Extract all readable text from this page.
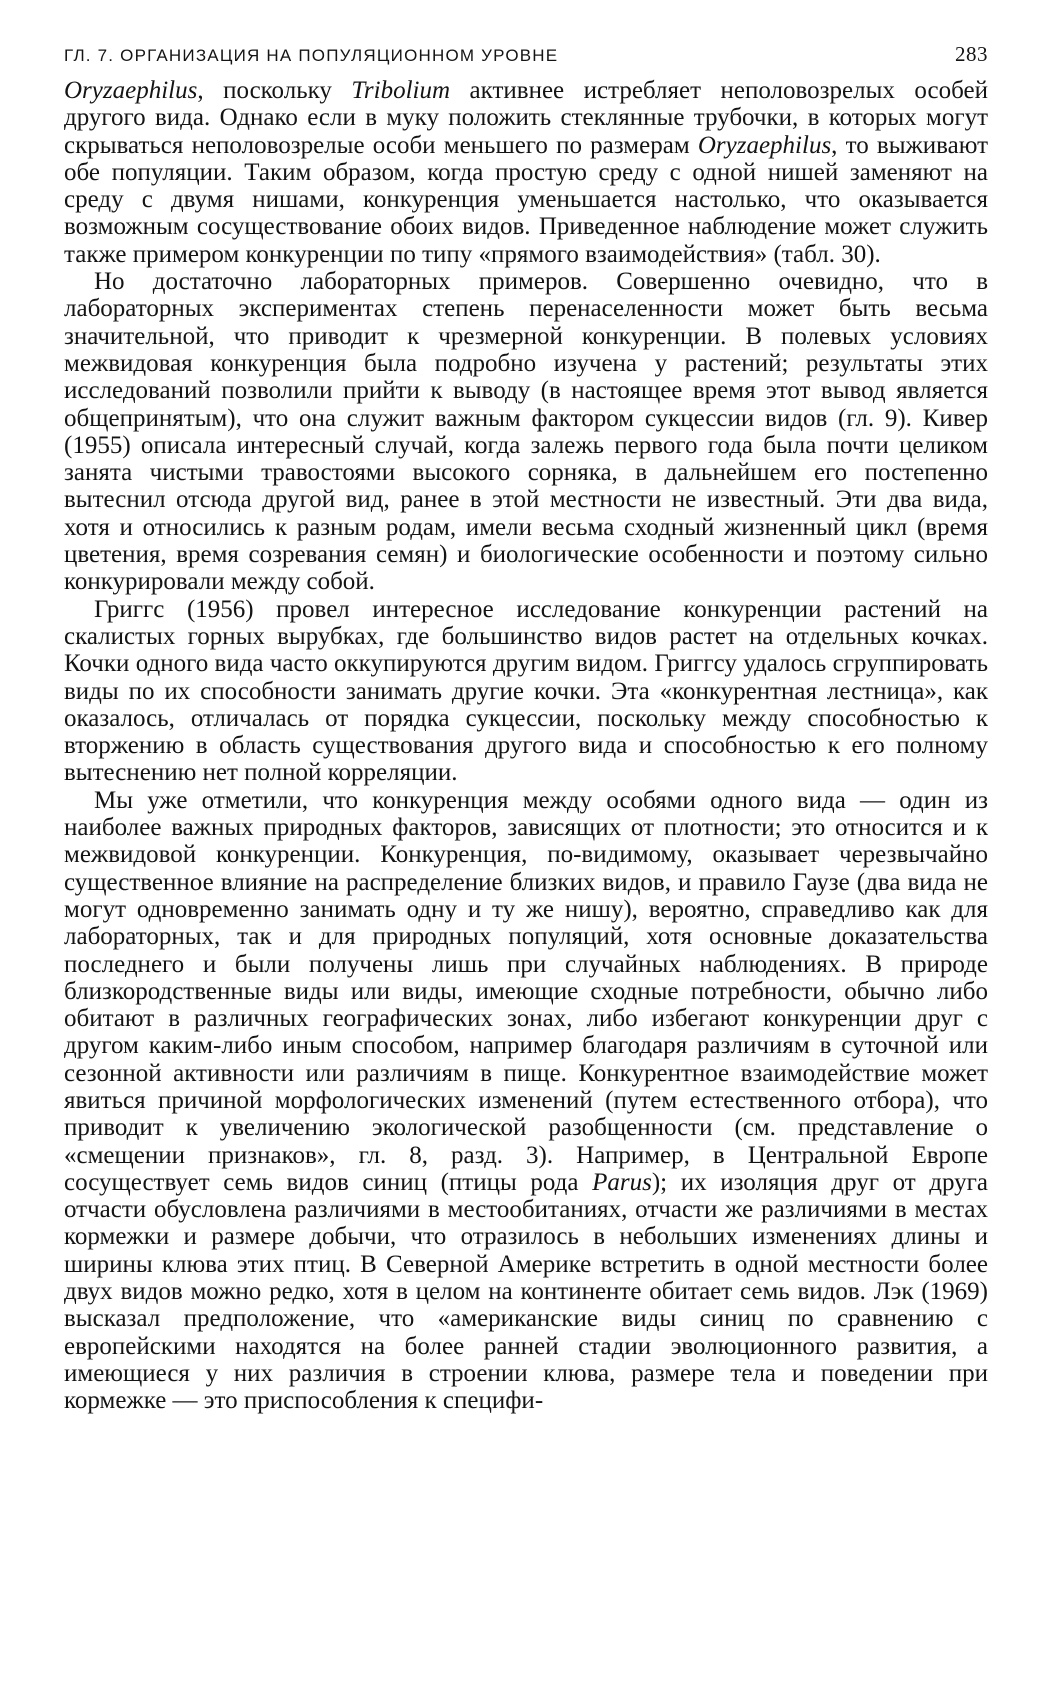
ГЛ. 7. ОРГАНИЗАЦИЯ НА ПОПУЛЯЦИОННОМ УРОВНЕ	283

Oryzaephilus, поскольку Tribolium активнее истребляет неполовозрелых особей другого вида. Однако если в муку положить стеклянные трубочки, в которых могут скрываться неполовозрелые особи меньшего по размерам Oryzaephilus, то выживают обе популяции. Таким образом, когда простую среду с одной нишей заменяют на среду с двумя нишами, конкуренция уменьшается настолько, что оказывается возможным сосуществование обоих видов. Приведенное наблюдение может служить также примером конкуренции по типу «прямого взаимодействия» (табл. 30).

Но достаточно лабораторных примеров. Совершенно очевидно, что в лабораторных экспериментах степень перенаселенности может быть весьма значительной, что приводит к чрезмерной конкуренции. В полевых условиях межвидовая конкуренция была подробно изучена у растений; результаты этих исследований позволили прийти к выводу (в настоящее время этот вывод является общепринятым), что она служит важным фактором сукцессии видов (гл. 9). Кивер (1955) описала интересный случай, когда залежь первого года была почти целиком занята чистыми травостоями высокого сорняка, в дальнейшем его постепенно вытеснил отсюда другой вид, ранее в этой местности не известный. Эти два вида, хотя и относились к разным родам, имели весьма сходный жизненный цикл (время цветения, время созревания семян) и биологические особенности и поэтому сильно конкурировали между собой.

Григгс (1956) провел интересное исследование конкуренции растений на скалистых горных вырубках, где большинство видов растет на отдельных кочках. Кочки одного вида часто оккупируются другим видом. Григгсу удалось сгруппировать виды по их способности занимать другие кочки. Эта «конкурентная лестница», как оказалось, отличалась от порядка сукцессии, поскольку между способностью к вторжению в область существования другого вида и способностью к его полному вытеснению нет полной корреляции.

Мы уже отметили, что конкуренция между особями одного вида — один из наиболее важных природных факторов, зависящих от плотности; это относится и к межвидовой конкуренции. Конкуренция, по-видимому, оказывает черезвычайно существенное влияние на распределение близких видов, и правило Гаузе (два вида не могут одновременно занимать одну и ту же нишу), вероятно, справедливо как для лабораторных, так и для природных популяций, хотя основные доказательства последнего и были получены лишь при случайных наблюдениях. В природе близкородственные виды или виды, имеющие сходные потребности, обычно либо обитают в различных географических зонах, либо избегают конкуренции друг с другом каким-либо иным способом, например благодаря различиям в суточной или сезонной активности или различиям в пище. Конкурентное взаимодействие может явиться причиной морфологических изменений (путем естественного отбора), что приводит к увеличению экологической разобщенности (см. представление о «смещении признаков», гл. 8, разд. 3). Например, в Центральной Европе сосуществует семь видов синиц (птицы рода Parus); их изоляция друг от друга отчасти обусловлена различиями в местообитаниях, отчасти же различиями в местах кормежки и размере добычи, что отразилось в небольших изменениях длины и ширины клюва этих птиц. В Северной Америке встретить в одной местности более двух видов можно редко, хотя в целом на континенте обитает семь видов. Лэк (1969) высказал предположение, что «американские виды синиц по сравнению с европейскими находятся на более ранней стадии эволюционного развития, а имеющиеся у них различия в строении клюва, размере тела и поведении при кормежке — это приспособления к специфи-
